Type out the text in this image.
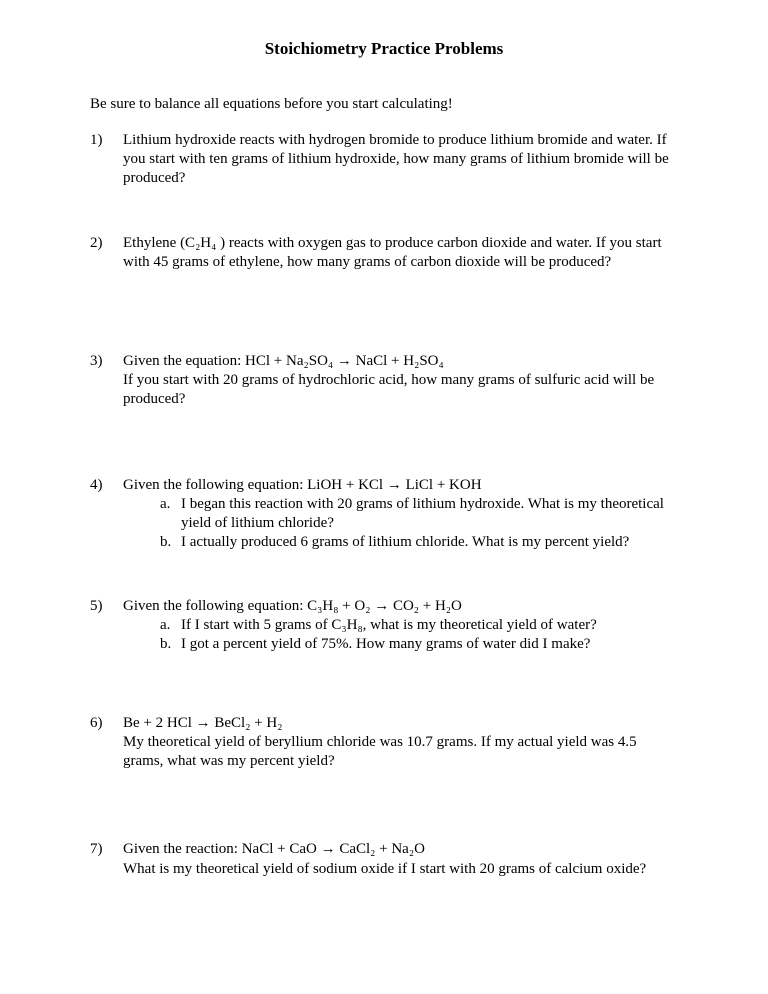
Stoichiometry Practice Problems

Be sure to balance all equations before you start calculating!

1)	Lithium hydroxide reacts with hydrogen bromide to produce lithium bromide and water. If you start with ten grams of lithium hydroxide, how many grams of lithium bromide will be produced?
2)	Ethylene (C₂H₄ ) reacts with oxygen gas to produce carbon dioxide and water. If you start with 45 grams of ethylene, how many grams of carbon dioxide will be produced?
3)	Given the equation: HCl + Na₂SO₄ → NaCl + H₂SO₄
If you start with 20 grams of hydrochloric acid, how many grams of sulfuric acid will be produced?
4)	Given the following equation: LiOH + KCl → LiCl + KOH
a. I began this reaction with 20 grams of lithium hydroxide. What is my theoretical yield of lithium chloride?
b. I actually produced 6 grams of lithium chloride. What is my percent yield?
5)	Given the following equation: C₃H₈ + O₂ → CO₂ + H₂O
a. If I start with 5 grams of C₃H₈, what is my theoretical yield of water?
b. I got a percent yield of 75%. How many grams of water did I make?
6)	Be + 2 HCl → BeCl₂ + H₂
My theoretical yield of beryllium chloride was 10.7 grams. If my actual yield was 4.5 grams, what was my percent yield?
7)	Given the reaction: NaCl + CaO → CaCl₂ + Na₂O
What is my theoretical yield of sodium oxide if I start with 20 grams of calcium oxide?
